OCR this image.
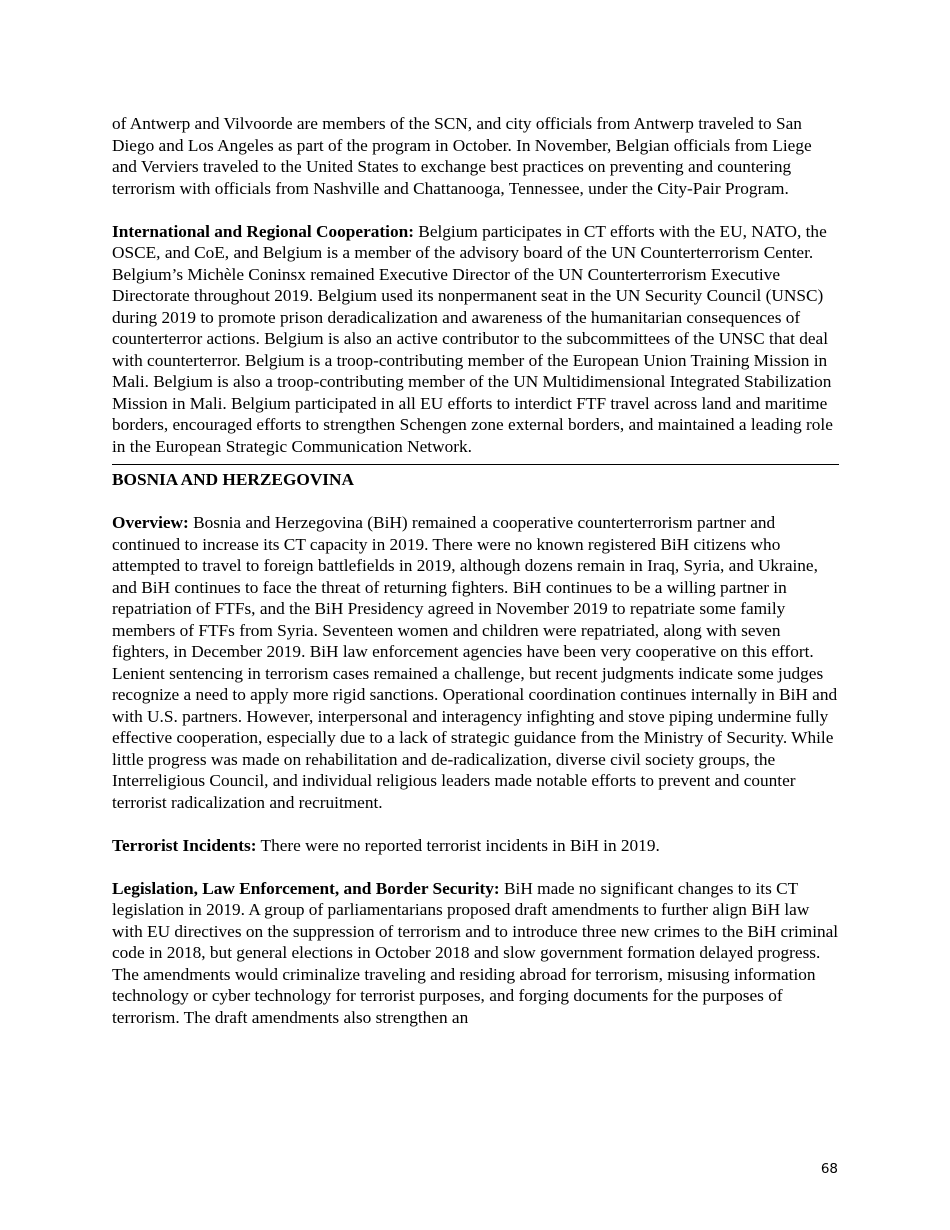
of Antwerp and Vilvoorde are members of the SCN, and city officials from Antwerp traveled to San Diego and Los Angeles as part of the program in October. In November, Belgian officials from Liege and Verviers traveled to the United States to exchange best practices on preventing and countering terrorism with officials from Nashville and Chattanooga, Tennessee, under the City-Pair Program.

International and Regional Cooperation: Belgium participates in CT efforts with the EU, NATO, the OSCE, and CoE, and Belgium is a member of the advisory board of the UN Counterterrorism Center. Belgium’s Michèle Coninsx remained Executive Director of the UN Counterterrorism Executive Directorate throughout 2019. Belgium used its nonpermanent seat in the UN Security Council (UNSC) during 2019 to promote prison deradicalization and awareness of the humanitarian consequences of counterterror actions. Belgium is also an active contributor to the subcommittees of the UNSC that deal with counterterror. Belgium is a troop-contributing member of the European Union Training Mission in Mali. Belgium is also a troop-contributing member of the UN Multidimensional Integrated Stabilization Mission in Mali. Belgium participated in all EU efforts to interdict FTF travel across land and maritime borders, encouraged efforts to strengthen Schengen zone external borders, and maintained a leading role in the European Strategic Communication Network.

BOSNIA AND HERZEGOVINA

Overview: Bosnia and Herzegovina (BiH) remained a cooperative counterterrorism partner and continued to increase its CT capacity in 2019. There were no known registered BiH citizens who attempted to travel to foreign battlefields in 2019, although dozens remain in Iraq, Syria, and Ukraine, and BiH continues to face the threat of returning fighters. BiH continues to be a willing partner in repatriation of FTFs, and the BiH Presidency agreed in November 2019 to repatriate some family members of FTFs from Syria. Seventeen women and children were repatriated, along with seven fighters, in December 2019. BiH law enforcement agencies have been very cooperative on this effort. Lenient sentencing in terrorism cases remained a challenge, but recent judgments indicate some judges recognize a need to apply more rigid sanctions. Operational coordination continues internally in BiH and with U.S. partners. However, interpersonal and interagency infighting and stove piping undermine fully effective cooperation, especially due to a lack of strategic guidance from the Ministry of Security. While little progress was made on rehabilitation and de-radicalization, diverse civil society groups, the Interreligious Council, and individual religious leaders made notable efforts to prevent and counter terrorist radicalization and recruitment.

Terrorist Incidents: There were no reported terrorist incidents in BiH in 2019.

Legislation, Law Enforcement, and Border Security: BiH made no significant changes to its CT legislation in 2019. A group of parliamentarians proposed draft amendments to further align BiH law with EU directives on the suppression of terrorism and to introduce three new crimes to the BiH criminal code in 2018, but general elections in October 2018 and slow government formation delayed progress. The amendments would criminalize traveling and residing abroad for terrorism, misusing information technology or cyber technology for terrorist purposes, and forging documents for the purposes of terrorism. The draft amendments also strengthen an

68
